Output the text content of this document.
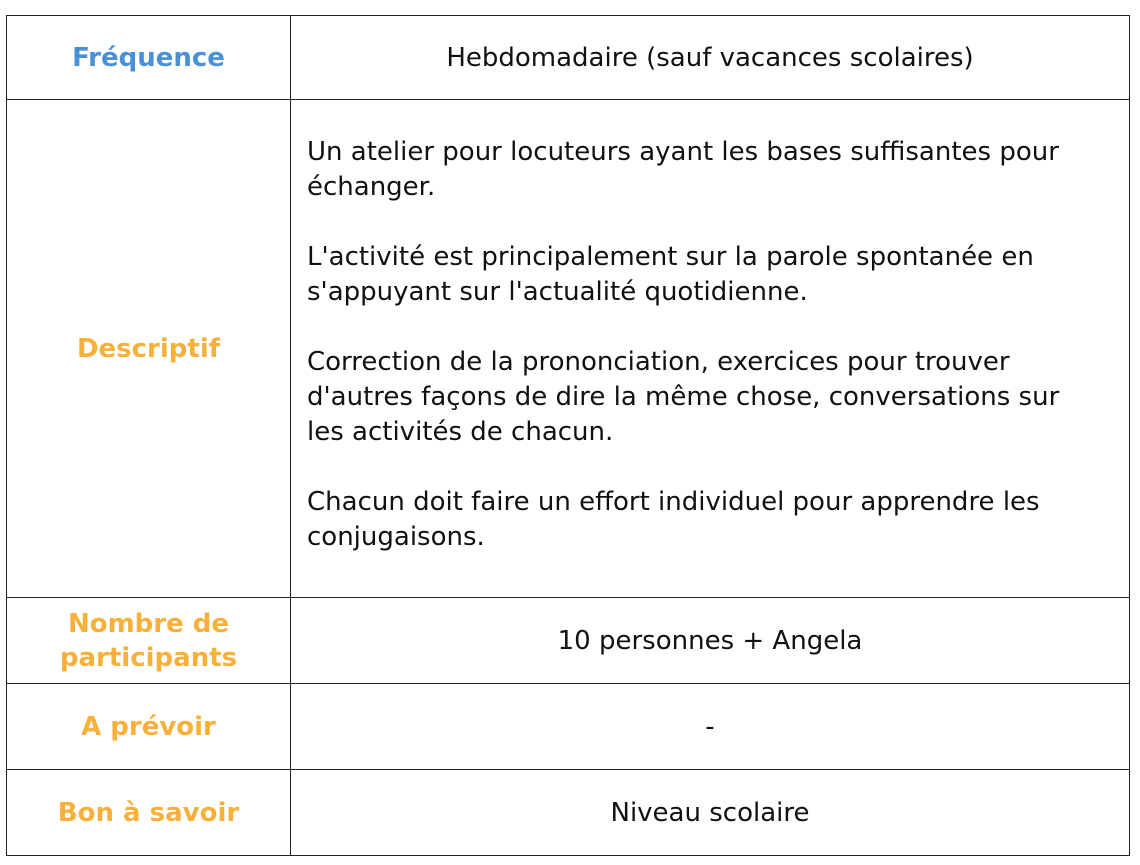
Fréquence	Hebdomadaire (sauf vacances scolaires)
Descriptif	Un atelier pour locuteurs ayant les bases suffisantes pour échanger.

L'activité est principalement sur la parole spontanée en s'appuyant sur l'actualité quotidienne.

Correction de la prononciation, exercices pour trouver d'autres façons de dire la même chose, conversations sur les activités de chacun.

Chacun doit faire un effort individuel pour apprendre les conjugaisons.

Nombre de participants	10 personnes + Angela
A prévoir	-
Bon à savoir	Niveau scolaire
